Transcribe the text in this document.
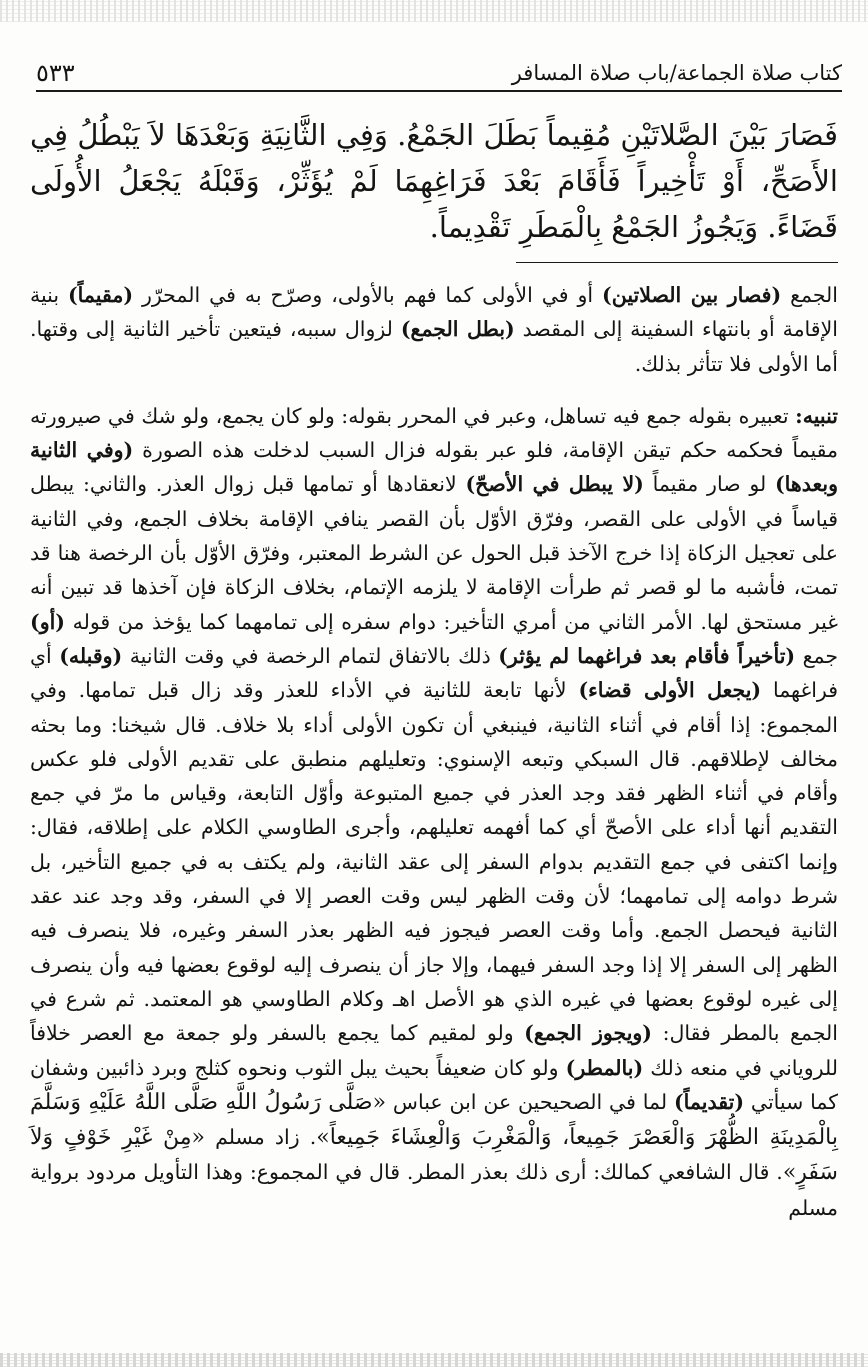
كتاب صلاة الجماعة/باب صلاة المسافر
٥٣٣

فَصَارَ بَيْنَ الصَّلاتَيْنِ مُقِيماً بَطَلَ الجَمْعُ. وَفِي الثَّانِيَةِ وَبَعْدَهَا لاَ يَبْطُلُ فِي الأَصَحِّ، أَوْ تَأْخِيراً فَأَقَامَ بَعْدَ فَرَاغِهِمَا لَمْ يُؤَثِّرْ، وَقَبْلَهُ يَجْعَلُ الأُولَى قَضَاءً. وَيَجُوزُ الجَمْعُ بِالْمَطَرِ تَقْدِيماً.

الجمع (فصار بين الصلاتين) أو في الأولى كما فهم بالأولى، وصرّح به في المحرّر (مقيماً) بنية الإقامة أو بانتهاء السفينة إلى المقصد (بطل الجمع) لزوال سببه، فيتعين تأخير الثانية إلى وقتها. أما الأولى فلا تتأثر بذلك.

تنبيه: تعبيره بقوله جمع فيه تساهل، وعبر في المحرر بقوله: ولو كان يجمع، ولو شك في صيرورته مقيماً فحكمه حكم تيقن الإقامة، فلو عبر بقوله فزال السبب لدخلت هذه الصورة (وفي الثانية وبعدها) لو صار مقيماً (لا يبطل في الأصحّ) لانعقادها أو تمامها قبل زوال العذر. والثاني: يبطل قياساً في الأولى على القصر، وفرّق الأوّل بأن القصر ينافي الإقامة بخلاف الجمع، وفي الثانية على تعجيل الزكاة إذا خرج الآخذ قبل الحول عن الشرط المعتبر، وفرّق الأوّل بأن الرخصة هنا قد تمت، فأشبه ما لو قصر ثم طرأت الإقامة لا يلزمه الإتمام، بخلاف الزكاة فإن آخذها قد تبين أنه غير مستحق لها. الأمر الثاني من أمري التأخير: دوام سفره إلى تمامهما كما يؤخذ من قوله (أو) جمع (تأخيراً فأقام بعد فراغهما لم يؤثر) ذلك بالاتفاق لتمام الرخصة في وقت الثانية (وقبله) أي فراغهما (يجعل الأولى قضاء) لأنها تابعة للثانية في الأداء للعذر وقد زال قبل تمامها. وفي المجموع: إذا أقام في أثناء الثانية، فينبغي أن تكون الأولى أداء بلا خلاف. قال شيخنا: وما بحثه مخالف لإطلاقهم. قال السبكي وتبعه الإسنوي: وتعليلهم منطبق على تقديم الأولى فلو عكس وأقام في أثناء الظهر فقد وجد العذر في جميع المتبوعة وأوّل التابعة، وقياس ما مرّ في جمع التقديم أنها أداء على الأصحّ أي كما أفهمه تعليلهم، وأجرى الطاوسي الكلام على إطلاقه، فقال: وإنما اكتفى في جمع التقديم بدوام السفر إلى عقد الثانية، ولم يكتف به في جميع التأخير، بل شرط دوامه إلى تمامهما؛ لأن وقت الظهر ليس وقت العصر إلا في السفر، وقد وجد عند عقد الثانية فيحصل الجمع. وأما وقت العصر فيجوز فيه الظهر بعذر السفر وغيره، فلا ينصرف فيه الظهر إلى السفر إلا إذا وجد السفر فيهما، وإلا جاز أن ينصرف إليه لوقوع بعضها فيه وأن ينصرف إلى غيره لوقوع بعضها في غيره الذي هو الأصل اهـ وكلام الطاوسي هو المعتمد. ثم شرع في الجمع بالمطر فقال: (ويجوز الجمع) ولو لمقيم كما يجمع بالسفر ولو جمعة مع العصر خلافاً للروياني في منعه ذلك (بالمطر) ولو كان ضعيفاً بحيث يبل الثوب ونحوه كثلج وبرد ذائبين وشفان كما سيأتي (تقديماً) لما في الصحيحين عن ابن عباس «صَلَّى رَسُولُ اللَّهِ صَلَّى اللَّهُ عَلَيْهِ وَسَلَّمَ بِالْمَدِينَةِ الظُّهْرَ وَالْعَصْرَ جَمِيعاً، وَالْمَغْرِبَ وَالْعِشَاءَ جَمِيعاً». زاد مسلم «مِنْ غَيْرِ خَوْفٍ وَلاَ سَفَرٍ». قال الشافعي كمالك: أرى ذلك بعذر المطر. قال في المجموع: وهذا التأويل مردود برواية مسلم
